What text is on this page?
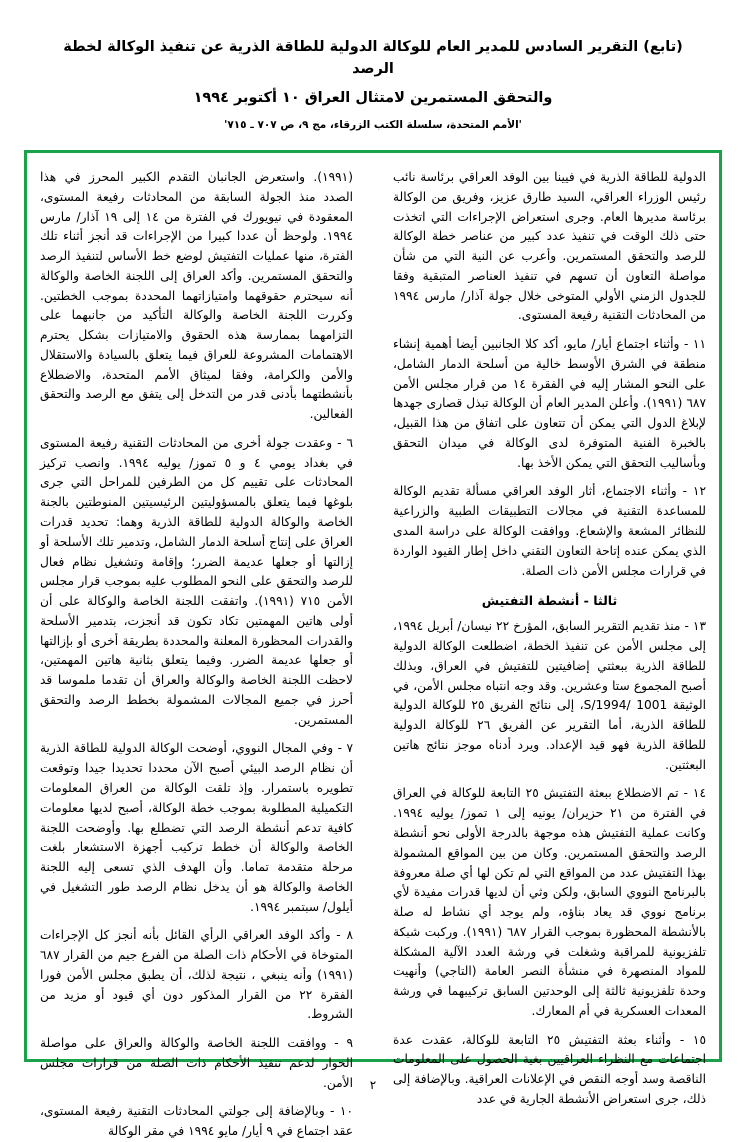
(تابع) التقرير السادس للمدير العام للوكالة الدولية للطاقة الذرية عن تنفيذ الوكالة لخطة الرصد
والتحقق المستمرين لامتثال العراق ١٠ أكتوبر ١٩٩٤
'الأمم المتحدة، سلسلة الكتب الزرقاء، مج ٩، ص ٧٠٧ ـ ٧١٥'

(١٩٩١). واستعرض الجانبان التقدم الكبير المحرز في هذا الصدد منذ الجولة السابقة من المحادثات رفيعة المستوى، المعقودة في نيويورك في الفترة من ١٤ إلى ١٩ آذار/ مارس ١٩٩٤. ولوحظ أن عددا كبيرا من الإجراءات قد أنجز أثناء تلك الفترة، منها عمليات التفتيش لوضع خط الأساس لتنفيذ الرصد والتحقق المستمرين. وأكد العراق إلى اللجنة الخاصة والوكالة أنه سيحترم حقوقهما وامتيازاتهما المحددة بموجب الخطتين. وكررت اللجنة الخاصة والوكالة التأكيد من جانبهما على التزامهما بممارسة هذه الحقوق والامتيازات بشكل يحترم الاهتمامات المشروعة للعراق فيما يتعلق بالسيادة والاستقلال والأمن والكرامة، وفقا لميثاق الأمم المتحدة، والاضطلاع بأنشطتهما بأدنى قدر من التدخل إلى يتفق مع الرصد والتحقق الفعالين.

٦ - وعقدت جولة أخرى من المحادثات التقنية رفيعة المستوى في بغداد يومي ٤ و ٥ تموز/ يوليه ١٩٩٤. وانصب تركيز المحادثات على تقييم كل من الطرفين للمراحل التي جرى بلوغها فيما يتعلق بالمسؤوليتين الرئيسيتين المنوطتين بالجنة الخاصة والوكالة الدولية للطاقة الذرية وهما: تحديد قدرات العراق على إنتاج أسلحة الدمار الشامل، وتدمير تلك الأسلحة أو إزالتها أو جعلها عديمة الضرر؛ وإقامة وتشغيل نظام فعال للرصد والتحقق على النحو المطلوب عليه بموجب قرار مجلس الأمن ٧١٥ (١٩٩١). واتفقت اللجنة الخاصة والوكالة على أن أولى هاتين المهمتين تكاد تكون قد أنجزت، بتدمير الأسلحة والقدرات المحظورة المعلنة والمحددة بطريقة أخرى أو بإزالتها أو جعلها عديمة الضرر. وفيما يتعلق بثانية هاتين المهمتين، لاحظت اللجنة الخاصة والوكالة والعراق أن تقدما ملموسا قد أحرز في جميع المجالات المشمولة بخطط الرصد والتحقق المستمرين.

٧ - وفي المجال النووي، أوضحت الوكالة الدولية للطاقة الذرية أن نظام الرصد البيئي أصبح الآن محددا تحديدا جيدا وتوقعت تطويره باستمرار. وإذ تلقت الوكالة من العراق المعلومات التكميلية المطلوبة بموجب خطة الوكالة، أصبح لديها معلومات كافية تدعم أنشطة الرصد التي تضطلع بها. وأوضحت اللجنة الخاصة والوكالة أن خطط تركيب أجهزة الاستشعار بلغت مرحلة متقدمة تماما. وأن الهدف الذي تسعى إليه اللجنة الخاصة والوكالة هو أن يدخل نظام الرصد طور التشغيل في أيلول/ سبتمبر ١٩٩٤.

٨ - وأكد الوفد العراقي الرأي القائل بأنه أنجز كل الإجراءات المتوخاة في الأحكام ذات الصلة من الفرع جيم من القرار ٦٨٧ (١٩٩١) وأنه ينبغي ، نتيجة لذلك، أن يطبق مجلس الأمن فورا الفقرة ٢٢ من القرار المذكور دون أي قيود أو مزيد من الشروط.

٩ - ووافقت اللجنة الخاصة والوكالة والعراق على مواصلة الحوار لدعم تنفيذ الأحكام ذات الصلة من قرارات مجلس الأمن.

١٠ - وبالإضافة إلى جولتي المحادثات التقنية رفيعة المستوى، عقد اجتماع في ٩ أيار/ مايو ١٩٩٤ في مقر الوكالة

الدولية للطاقة الذرية في فيينا بين الوفد العراقي برئاسة نائب رئيس الوزراء العراقي، السيد طارق عزيز، وفريق من الوكالة برئاسة مديرها العام. وجرى استعراض الإجراءات التي اتخذت حتى ذلك الوقت في تنفيذ عدد كبير من عناصر خطة الوكالة للرصد والتحقق المستمرين. وأعرب عن النية التي من شأن مواصلة التعاون أن تسهم في تنفيذ العناصر المتبقية وفقا للجدول الزمني الأولي المتوخى خلال جولة آذار/ مارس ١٩٩٤ من المحادثات التقنية رفيعة المستوى.

١١ - وأثناء اجتماع أيار/ مايو، أكد كلا الجانبين أيضا أهمية إنشاء منطقة في الشرق الأوسط خالية من أسلحة الدمار الشامل، على النحو المشار إليه في الفقرة ١٤ من قرار مجلس الأمن ٦٨٧ (١٩٩١). وأعلن المدير العام أن الوكالة تبذل قصارى جهدها لإبلاغ الدول التي يمكن أن تتعاون على اتفاق من هذا القبيل، بالخبرة الفنية المتوفرة لدى الوكالة في ميدان التحقق وبأساليب التحقق التي يمكن الأخذ بها.

١٢ - وأثناء الاجتماع، أثار الوفد العراقي مسألة تقديم الوكالة للمساعدة التقنية في مجالات التطبيقات الطبية والزراعية للنظائر المشعة والإشعاع. ووافقت الوكالة على دراسة المدى الذي يمكن عنده إتاحة التعاون التقني داخل إطار القيود الواردة في قرارات مجلس الأمن ذات الصلة.

ثالثا - أنشطة التفتيش

١٣ - منذ تقديم التقرير السابق، المؤرخ ٢٢ نيسان/ أبريل ١٩٩٤، إلى مجلس الأمن عن تنفيذ الخطة، اضطلعت الوكالة الدولية للطاقة الذرية ببعثتي إضافيتين للتفتيش في العراق، وبذلك أصبح المجموع ستا وعشرين. وقد وجه انتباه مجلس الأمن، في الوثيقة S/1994/ 1001، إلى نتائج الفريق ٢٥ للوكالة الدولية للطاقة الذرية، أما التقرير عن الفريق ٢٦ للوكالة الدولية للطاقة الذرية فهو قيد الإعداد. ويرد أدناه موجز نتائج هاتين البعثتين.

١٤ - تم الاضطلاع ببعثة التفتيش ٢٥ التابعة للوكالة في العراق في الفترة من ٢١ حزيران/ يونيه إلى ١ تموز/ يوليه ١٩٩٤. وكانت عملية التفتيش هذه موجهة بالدرجة الأولى نحو أنشطة الرصد والتحقق المستمرين. وكان من بين المواقع المشمولة بهذا التفتيش عدد من المواقع التي لم تكن لها أي صلة معروفة بالبرنامج النووي السابق، ولكن وثي أن لديها قدرات مفيدة لأي برنامج نووي قد يعاد بناؤه، ولم يوجد أي نشاط له صلة بالأنشطة المحظورة بموجب القرار ٦٨٧ (١٩٩١). وركبت شبكة تلفزيونية للمراقبة وشغلت في ورشة العدد الآلية المشكلة للمواد المنصهرة في منشأة النصر العامة (التاجي) وأنهيت وحدة تلفزيونية ثالثة إلى الوحدتين السابق تركيبهما في ورشة المعدات العسكرية في أم المعارك.

١٥ - وأثناء بعثة التفتيش ٢٥ التابعة للوكالة، عقدت عدة اجتماعات مع النظراء العراقيين بغية الحصول على المعلومات الناقصة وسد أوجه النقص في الإعلانات العراقية. وبالإضافة إلى ذلك، جرى استعراض الأنشطة الجارية في عدد

٢
